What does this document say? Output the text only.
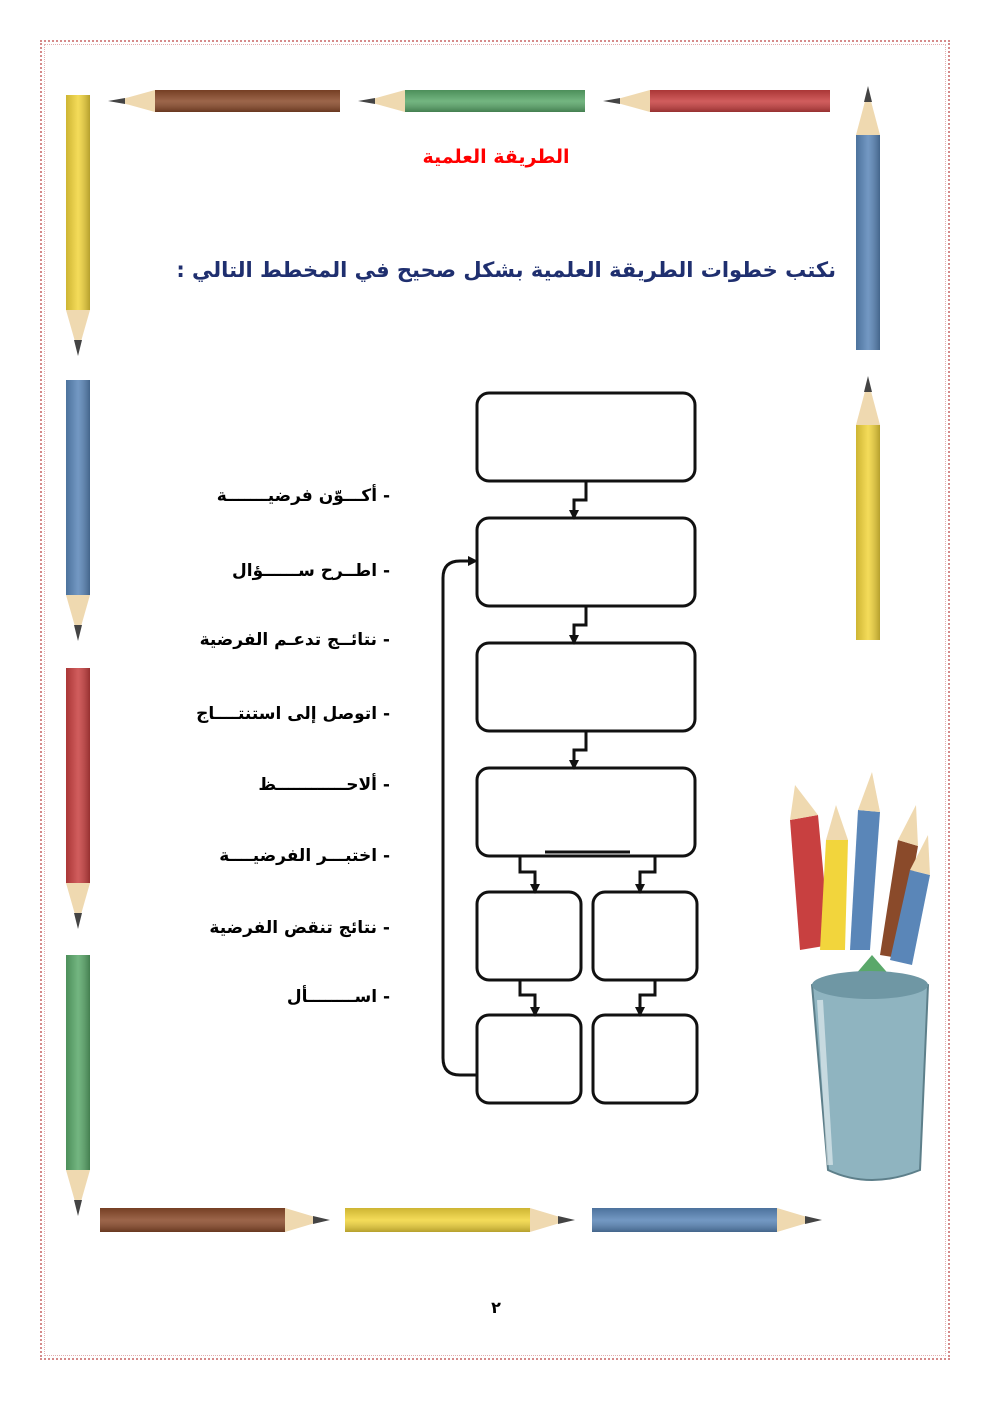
الطريقة العلمية
نكتب خطوات الطريقة العلمية بشكل صحيح في المخطط التالي :
- أكـــوّن فرضيـــــــة
- اطــرح ســــــؤال
- نتائــج تدعـم الفرضية
- اتوصل إلى استنتــــاج
- ألاحــــــــــــظ
- اختبـــر الفرضيــــة
- نتائج تنقض الفرضية
- اســــــــأل
٢
